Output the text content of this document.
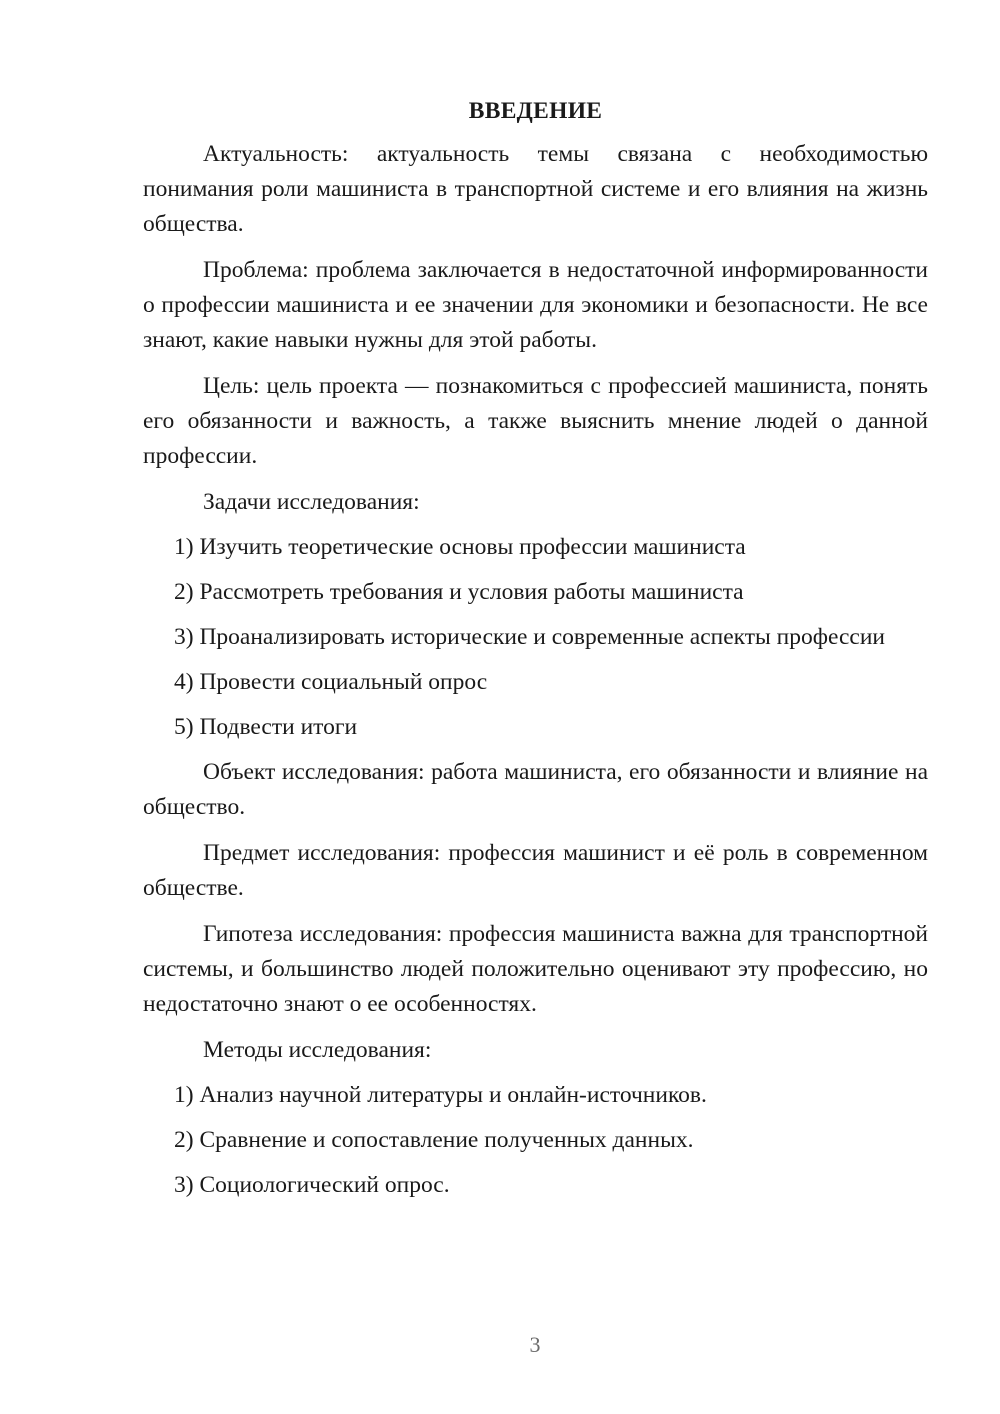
ВВЕДЕНИЕ

Актуальность: актуальность темы связана с необходимостью понимания роли машиниста в транспортной системе и его влияния на жизнь общества.

Проблема: проблема заключается в недостаточной информированности о профессии машиниста и ее значении для экономики и безопасности. Не все знают, какие навыки нужны для этой работы.

Цель: цель проекта — познакомиться с профессией машиниста, понять его обязанности и важность, а также выяснить мнение людей о данной профессии.

Задачи исследования:

1) Изучить теоретические основы профессии машиниста

2) Рассмотреть требования и условия работы машиниста

3) Проанализировать исторические и современные аспекты профессии

4) Провести социальный опрос

5) Подвести итоги

Объект исследования: работа машиниста, его обязанности и влияние на общество.

Предмет исследования: профессия машинист и её роль в современном обществе.

Гипотеза исследования: профессия машиниста важна для транспортной системы, и большинство людей положительно оценивают эту профессию, но недостаточно знают о ее особенностях.

Методы исследования:

1) Анализ научной литературы и онлайн-источников.

2) Сравнение и сопоставление полученных данных.

3) Социологический опрос.

3
